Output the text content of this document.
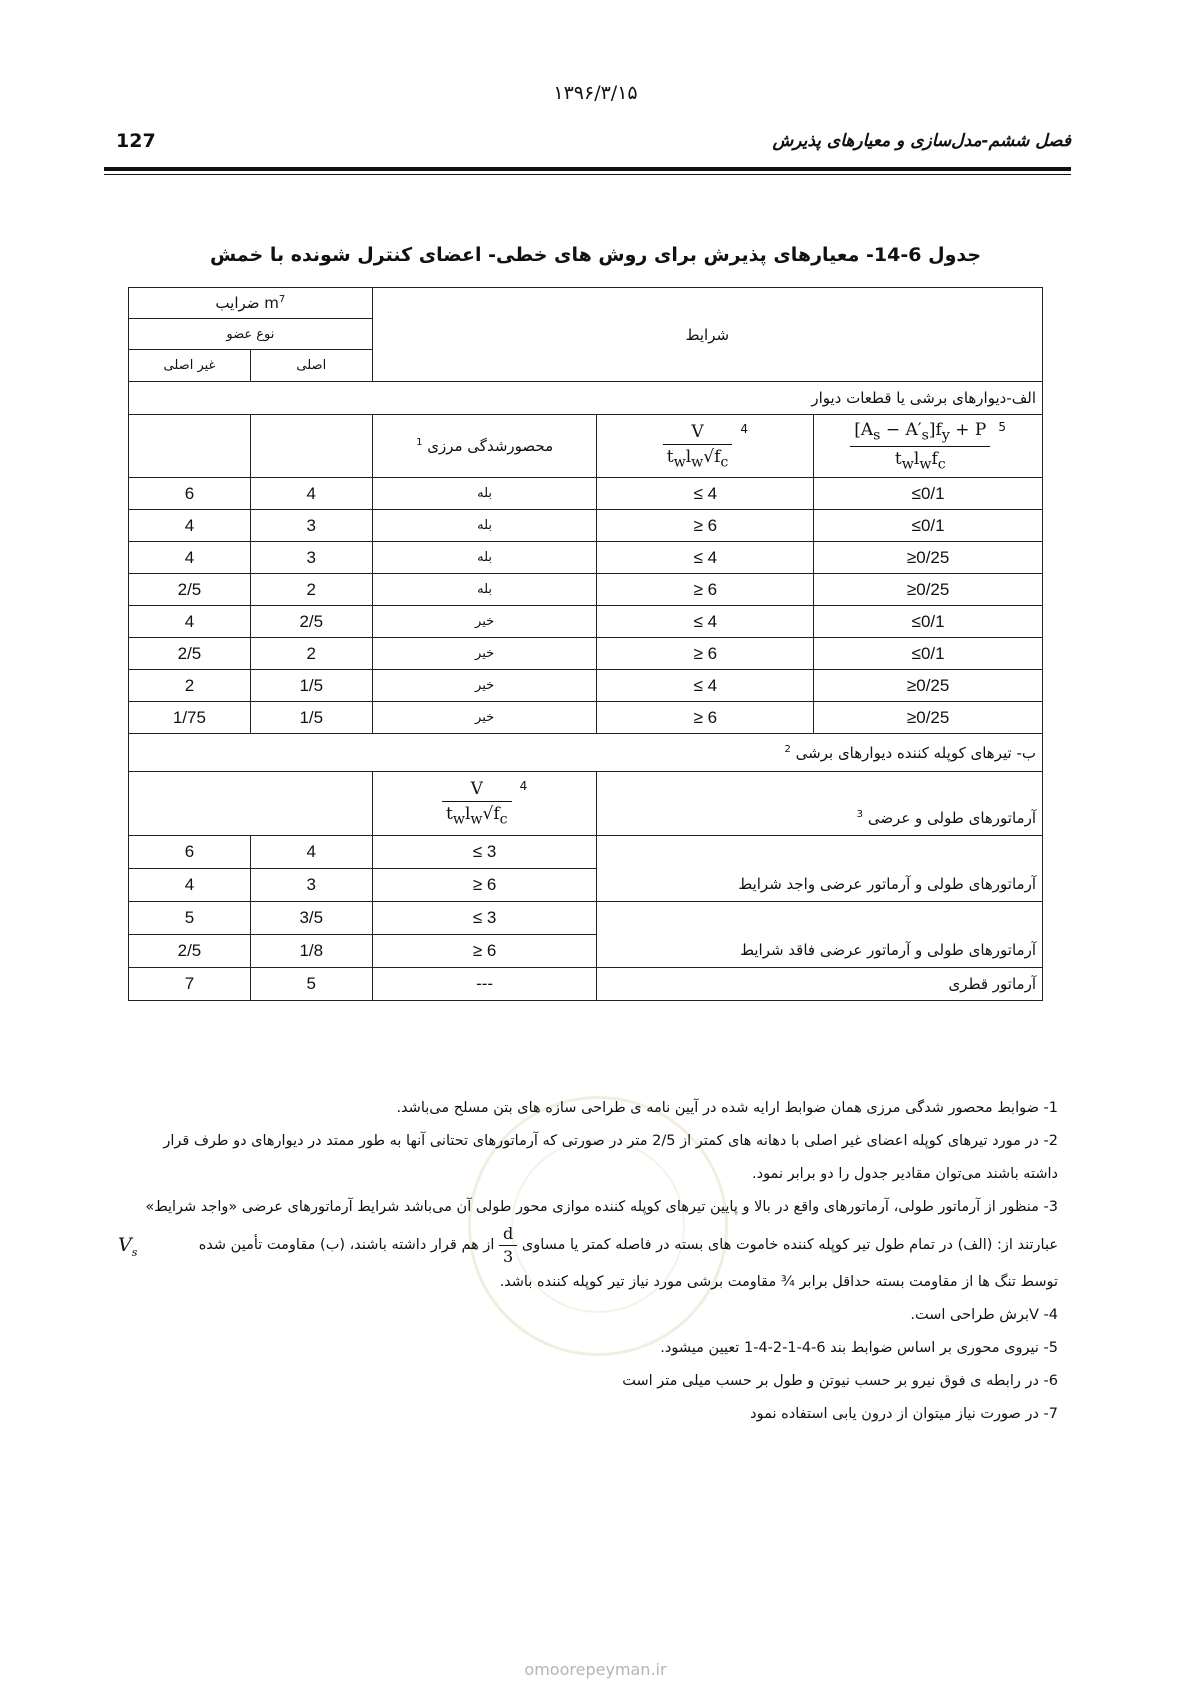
۱۳۹۶/۳/۱۵
127	فصل ششم-مدل‌سازی و معیارهای پذیرش
جدول 6-14- معیارهای پذیرش برای روش های خطی- اعضای کنترل شونده با خمش
ضرایب $m^7$		شرایط		
نوع عضو				
غیر اصلی	اصلی			
الف-دیوارهای برشی یا قطعات دیوار				
		محصورشدگی مرزی $^1$	$\frac{V}{t_wl_w√f_c} ^4$	$\frac{[A_s - A'_s]f_y + P}{t_wl_wf_c} ^5$
6	4	بله	≤ 4	≤0/1
4	3	بله	≥ 6	≤0/1
4	3	بله	≤ 4	≥0/25
2/5	2	بله	≥ 6	≥0/25
4	2/5	خیر	≤ 4	≤0/1
2/5	2	خیر	≥ 6	≤0/1
2	1/5	خیر	≤ 4	≥0/25
1/75	1/5	خیر	≥ 6	≥0/25
ب- تیرهای کوپله کننده دیوارهای برشی $^2$

		$\frac{V}{t_wl_w√f_c} ^4$	آرماتورهای طولی و عرضی $^3$
6	4	≤ 3	آرماتورهای طولی و آرماتور عرضی واجد شرایط	
4	3	≥ 6		
5	3/5	≤ 3	آرماتورهای طولی و آرماتور عرضی فاقد شرایط	
2/5	1/8	≥ 6		
7	5	---	آرماتور قطری	

1- ضوابط محصور شدگی مرزی همان ضوابط ارایه شده در آیین نامه ی طراحی سازه های بتن مسلح می‌باشد.

2- در مورد تیرهای کوپله اعضای غیر اصلی با دهانه های کمتر از 2/5 متر در صورتی که آرماتورهای تحتانی آنها به طور ممتد در دیوارهای دو طرف قرار

داشته باشند می‌توان مقادیر جدول را دو برابر نمود.

3- منظور از آرماتور طولی، آرماتورهای واقع در بالا و پایین تیرهای کوپله کننده موازی محور طولی آن می‌باشد شرایط آرماتورهای عرضی «واجد شرایط»

عبارتند از: (الف) در تمام طول تیر کوپله کننده خاموت های بسته در فاصله کمتر یا مساوی
$\frac{d}{3}$
از هم قرار داشته باشند، (ب) مقاومت تأمین شده
$V_s$

توسط تنگ ها از مقاومت بسته حداقل برابر ¾ مقاومت برشی مورد نیاز تیر کوپله کننده باشد.

4- Vبرش طراحی است.

5- نیروی محوری بر اساس ضوابط بند 6-4-1-2-4-1 تعیین میشود.

6- در رابطه ی فوق نیرو بر حسب نیوتن و طول بر حسب میلی متر است

7- در صورت نیاز میتوان از درون یابی استفاده نمود

omoorepeyman.ir
